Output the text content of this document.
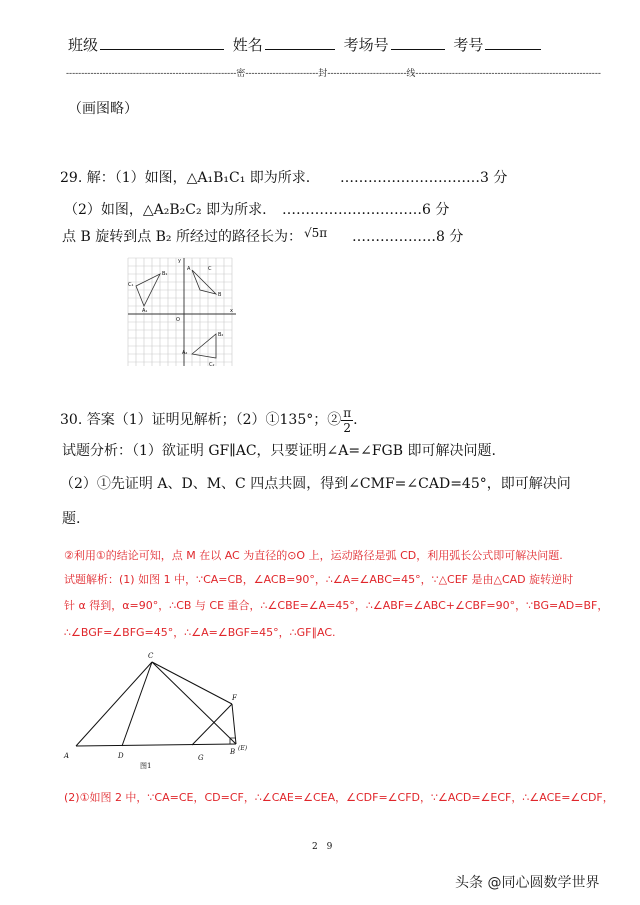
班级	姓名	考场号	考号
--------------------------------------------------------密------------------------封--------------------------线-------------------------------------------------------------
（画图略）
29. 解：（1）如图，△A₁B₁C₁ 即为所求. …………………………3 分
（2）如图，△A₂B₂C₂ 即为所求. …………………………6 分
点 B 旋转到点 B₂ 所经过的路径长为： √5π ………………8 分
y
x
O
C₁
B₁
A₁
A	C
B
A₂
B₂
C₂
30. 答案（1）证明见解析；（2）①135°；② $\frac{\pi}{2}$ .
试题分析：（1）欲证明 GF∥AC，只要证明∠A=∠FGB 即可解决问题.
（2）①先证明 A、D、M、C 四点共圆，得到∠CMF=∠CAD=45°，即可解决问
题.
②利用①的结论可知，点 M 在以 AC 为直径的⊙O 上，运动路径是弧 CD，利用弧长公式即可解决问题.
试题解析：(1) 如图 1 中，∵CA=CB，∠ACB=90°，∴∠A=∠ABC=45°，∵△CEF 是由△CAD 旋转逆时
针 α 得到，α=90°，∴CB 与 CE 重合，∴∠CBE=∠A=45°，∴∠ABF=∠ABC+∠CBF=90°，∵BG=AD=BF，
∴∠BGF=∠BFG=45°，∴∠A=∠BGF=45°，∴GF∥AC.
C
F
A	D	G
B (E)
图1
(2)①如图 2 中，∵CA=CE，CD=CF，∴∠CAE=∠CEA，∠CDF=∠CFD，∵∠ACD=∠ECF，∴∠ACE=∠CDF，
2 9
头条 @同心圆数学世界
